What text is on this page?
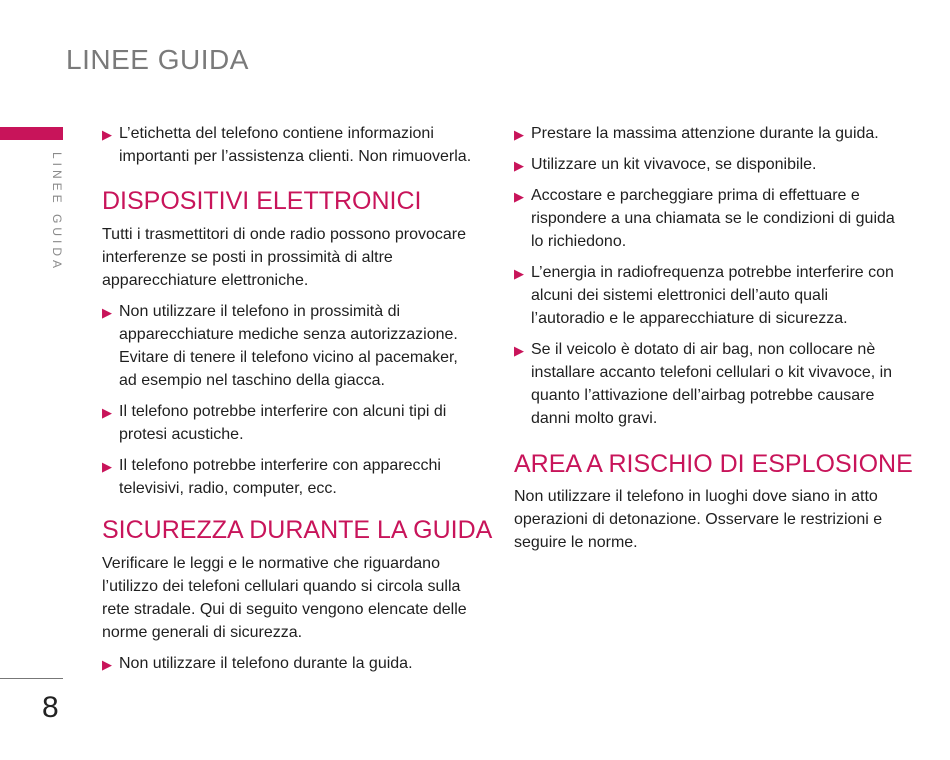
LINEE GUIDA
LINEE GUIDA
8
▶ L’etichetta del telefono contiene informazioni importanti per l’assistenza clienti. Non rimuoverla.
DISPOSITIVI ELETTRONICI

Tutti i trasmettitori di onde radio possono provocare interferenze se posti in prossimità di altre apparecchiature elettroniche.

▶ Non utilizzare il telefono in prossimità di apparecchiature mediche senza autorizzazione. Evitare di tenere il telefono vicino al pacemaker, ad esempio nel taschino della giacca.
▶ Il telefono potrebbe interferire con alcuni tipi di protesi acustiche.
▶ Il telefono potrebbe interferire con apparecchi televisivi, radio, computer, ecc.
SICUREZZA DURANTE LA GUIDA

Verificare le leggi e le normative che riguardano l’utilizzo dei telefoni cellulari quando si circola sulla rete stradale. Qui di seguito vengono elencate delle norme generali di sicurezza.

▶ Non utilizzare il telefono durante la guida.
▶ Prestare la massima attenzione durante la guida.
▶ Utilizzare un kit vivavoce, se disponibile.
▶ Accostare e parcheggiare prima di effettuare e rispondere a una chiamata se le condizioni di guida lo richiedono.
▶ L’energia in radiofrequenza potrebbe interferire con alcuni dei sistemi elettronici dell’auto quali l’autoradio e le apparecchiature di sicurezza.
▶ Se il veicolo è dotato di air bag, non collocare nè installare accanto telefoni cellulari o kit vivavoce, in quanto l’attivazione dell’airbag potrebbe causare danni molto gravi.
AREA A RISCHIO DI ESPLOSIONE

Non utilizzare il telefono in luoghi dove siano in atto operazioni di detonazione. Osservare le restrizioni e seguire le norme.
